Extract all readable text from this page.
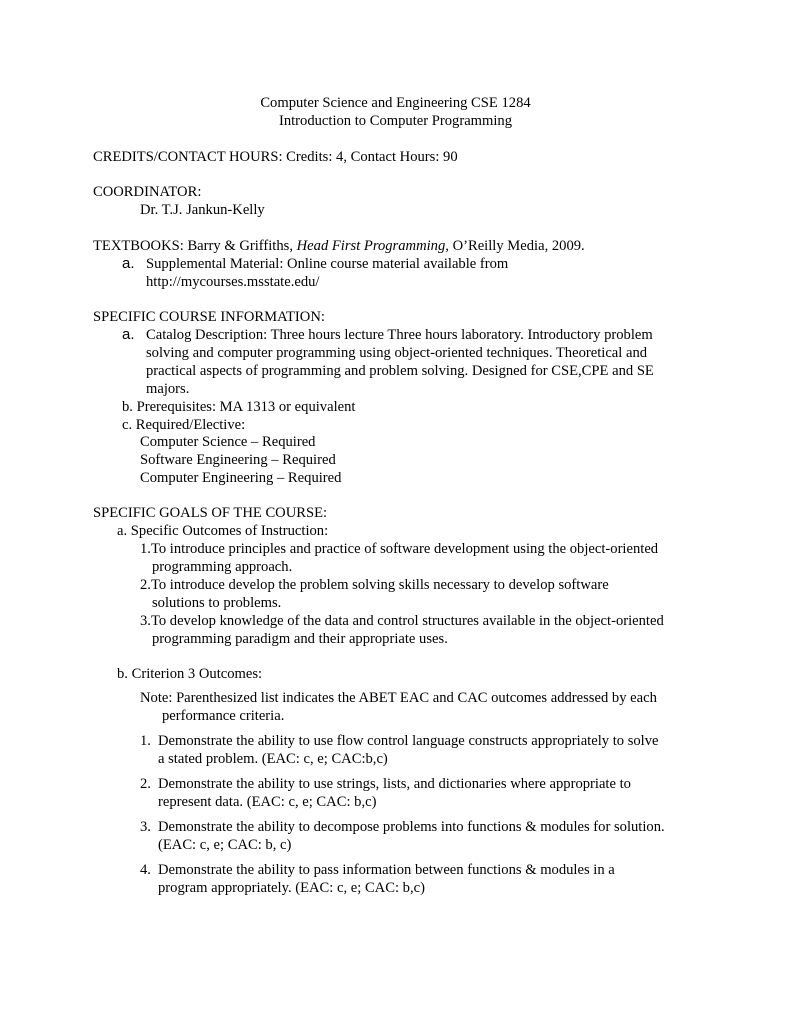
Computer Science and Engineering CSE 1284
Introduction to Computer Programming
CREDITS/CONTACT HOURS: Credits: 4, Contact Hours: 90
COORDINATOR:
Dr. T.J. Jankun-Kelly
TEXTBOOKS: Barry & Griffiths, Head First Programming, O’Reilly Media, 2009.
a. Supplemental Material: Online course material available from
http://mycourses.msstate.edu/
SPECIFIC COURSE INFORMATION:
a. Catalog Description: Three hours lecture Three hours laboratory. Introductory problem
solving and computer programming using object-oriented techniques. Theoretical and
practical aspects of programming and problem solving. Designed for CSE,CPE and SE
majors.
b. Prerequisites: MA 1313 or equivalent
c. Required/Elective:
Computer Science – Required
Software Engineering – Required
Computer Engineering – Required
SPECIFIC GOALS OF THE COURSE:
a. Specific Outcomes of Instruction:
1.To introduce principles and practice of software development using the object-oriented
programming approach.
2.To introduce develop the problem solving skills necessary to develop software
solutions to problems.
3.To develop knowledge of the data and control structures available in the object-oriented
programming paradigm and their appropriate uses.
b. Criterion 3 Outcomes:
Note: Parenthesized list indicates the ABET EAC and CAC outcomes addressed by each
performance criteria.
1. Demonstrate the ability to use flow control language constructs appropriately to solve
a stated problem. (EAC: c, e; CAC:b,c)
2. Demonstrate the ability to use strings, lists, and dictionaries where appropriate to
represent data. (EAC: c, e; CAC: b,c)
3. Demonstrate the ability to decompose problems into functions & modules for solution.
(EAC: c, e; CAC: b, c)
4. Demonstrate the ability to pass information between functions & modules in a
program appropriately. (EAC: c, e; CAC: b,c)
